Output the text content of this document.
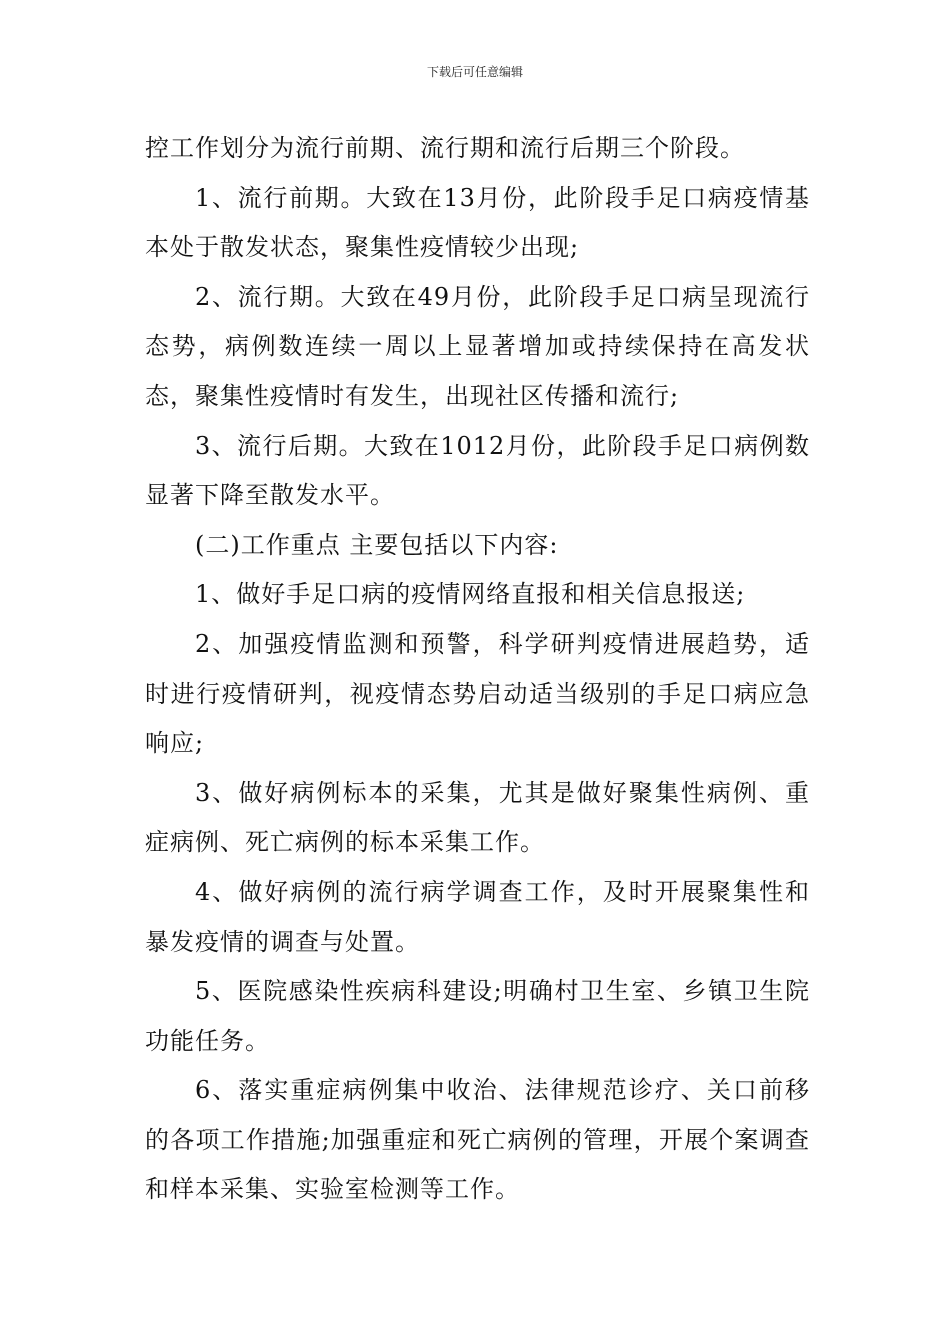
下载后可任意编辑

控工作划分为流行前期、流行期和流行后期三个阶段。

1、流行前期。大致在13月份，此阶段手足口病疫情基本处于散发状态，聚集性疫情较少出现;

2、流行期。大致在49月份，此阶段手足口病呈现流行态势，病例数连续一周以上显著增加或持续保持在高发状态，聚集性疫情时有发生，出现社区传播和流行;

3、流行后期。大致在1012月份，此阶段手足口病例数显著下降至散发水平。

(二)工作重点 主要包括以下内容:

1、做好手足口病的疫情网络直报和相关信息报送;

2、加强疫情监测和预警，科学研判疫情进展趋势，适时进行疫情研判，视疫情态势启动适当级别的手足口病应急响应;

3、做好病例标本的采集，尤其是做好聚集性病例、重症病例、死亡病例的标本采集工作。

4、做好病例的流行病学调查工作，及时开展聚集性和暴发疫情的调查与处置。

5、医院感染性疾病科建设;明确村卫生室、乡镇卫生院功能任务。

6、落实重症病例集中收治、法律规范诊疗、关口前移的各项工作措施;加强重症和死亡病例的管理，开展个案调查和样本采集、实验室检测等工作。
